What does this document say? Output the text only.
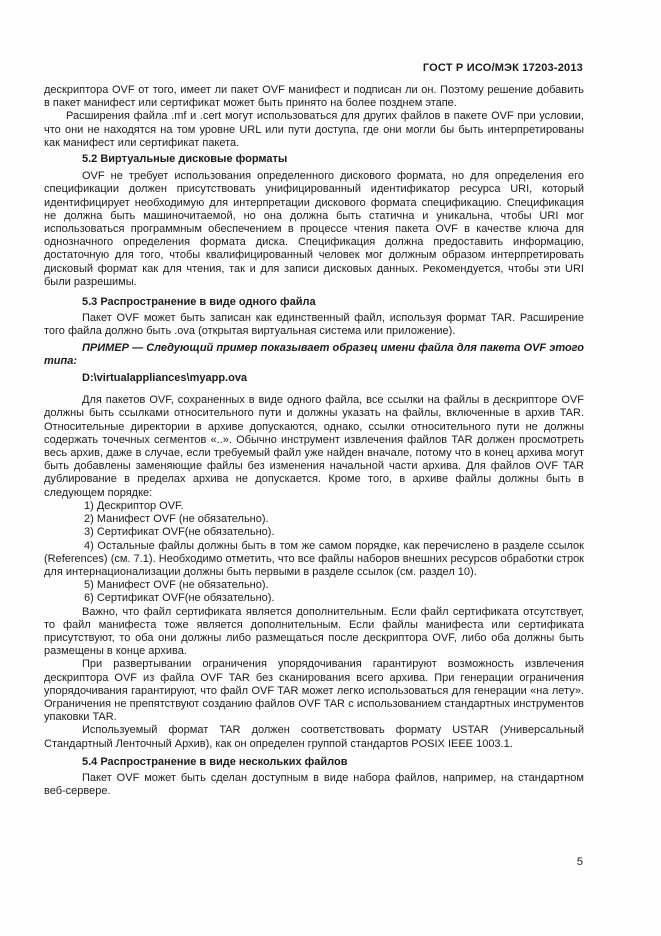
ГОСТ Р ИСО/МЭК 17203-2013

дескриптора OVF от того, имеет ли пакет OVF манифест и подписан ли он. Поэтому решение добавить в пакет манифест или сертификат может быть принято на более позднем этапе.

Расширения файла .mf и .cert могут использоваться для других файлов в пакете OVF при условии, что они не находятся на том уровне URL или пути доступа, где они могли бы быть интерпретированы как манифест или сертификат пакета.

5.2 Виртуальные дисковые форматы

OVF не требует использования определенного дискового формата, но для определения его спецификации должен присутствовать унифицированный идентификатор ресурса URI, который идентифицирует необходимую для интерпретации дискового формата спецификацию. Спецификация не должна быть машиночитаемой, но она должна быть статична и уникальна, чтобы URI мог использоваться программным обеспечением в процессе чтения пакета OVF в качестве ключа для однозначного определения формата диска. Спецификация должна предоставить информацию, достаточную для того, чтобы квалифицированный человек мог должным образом интерпретировать дисковый формат как для чтения, так и для записи дисковых данных. Рекомендуется, чтобы эти URI были разрешимы.

5.3 Распространение в виде одного файла

Пакет OVF может быть записан как единственный файл, используя формат TAR. Расширение того файла должно быть .ova (открытая виртуальная система или приложение).

ПРИМЕР — Следующий пример показывает образец имени файла для пакета OVF этого типа:

D:\virtualappliances\myapp.ova

Для пакетов OVF, сохраненных в виде одного файла, все ссылки на файлы в дескрипторе OVF должны быть ссылками относительного пути и должны указать на файлы, включенные в архив TAR. Относительные директории в архиве допускаются, однако, ссылки относительного пути не должны содержать точечных сегментов «..». Обычно инструмент извлечения файлов TAR должен просмотреть весь архив, даже в случае, если требуемый файл уже найден вначале, потому что в конец архива могут быть добавлены заменяющие файлы без изменения начальной части архива. Для файлов OVF TAR дублирование в пределах архива не допускается. Кроме того, в архиве файлы должны быть в следующем порядке:

1) Дескриптор OVF.

2) Манифест OVF (не обязательно).

3) Сертификат OVF(не обязательно).

4) Остальные файлы должны быть в том же самом порядке, как перечислено в разделе ссылок (References) (см. 7.1). Необходимо отметить, что все файлы наборов внешних ресурсов обработки строк для интернационализации должны быть первыми в разделе ссылок (см. раздел 10).

5) Манифест OVF (не обязательно).

6) Сертификат OVF(не обязательно).

Важно, что файл сертификата является дополнительным. Если файл сертификата отсутствует, то файл манифеста тоже является дополнительным. Если файлы манифеста или сертификата присутствуют, то оба они должны либо размещаться после дескриптора OVF, либо оба должны быть размещены в конце архива.

При развертывании ограничения упорядочивания гарантируют возможность извлечения дескриптора OVF из файла OVF TAR без сканирования всего архива. При генерации ограничения упорядочивания гарантируют, что файл OVF TAR может легко использоваться для генерации «на лету». Ограничения не препятствуют созданию файлов OVF TAR с использованием стандартных инструментов упаковки TAR.

Используемый формат TAR должен соответствовать формату USTAR (Универсальный Стандартный Ленточный Архив), как он определен группой стандартов POSIX IEEE 1003.1.

5.4 Распространение в виде нескольких файлов

Пакет OVF может быть сделан доступным в виде набора файлов, например, на стандартном веб-сервере.

5
